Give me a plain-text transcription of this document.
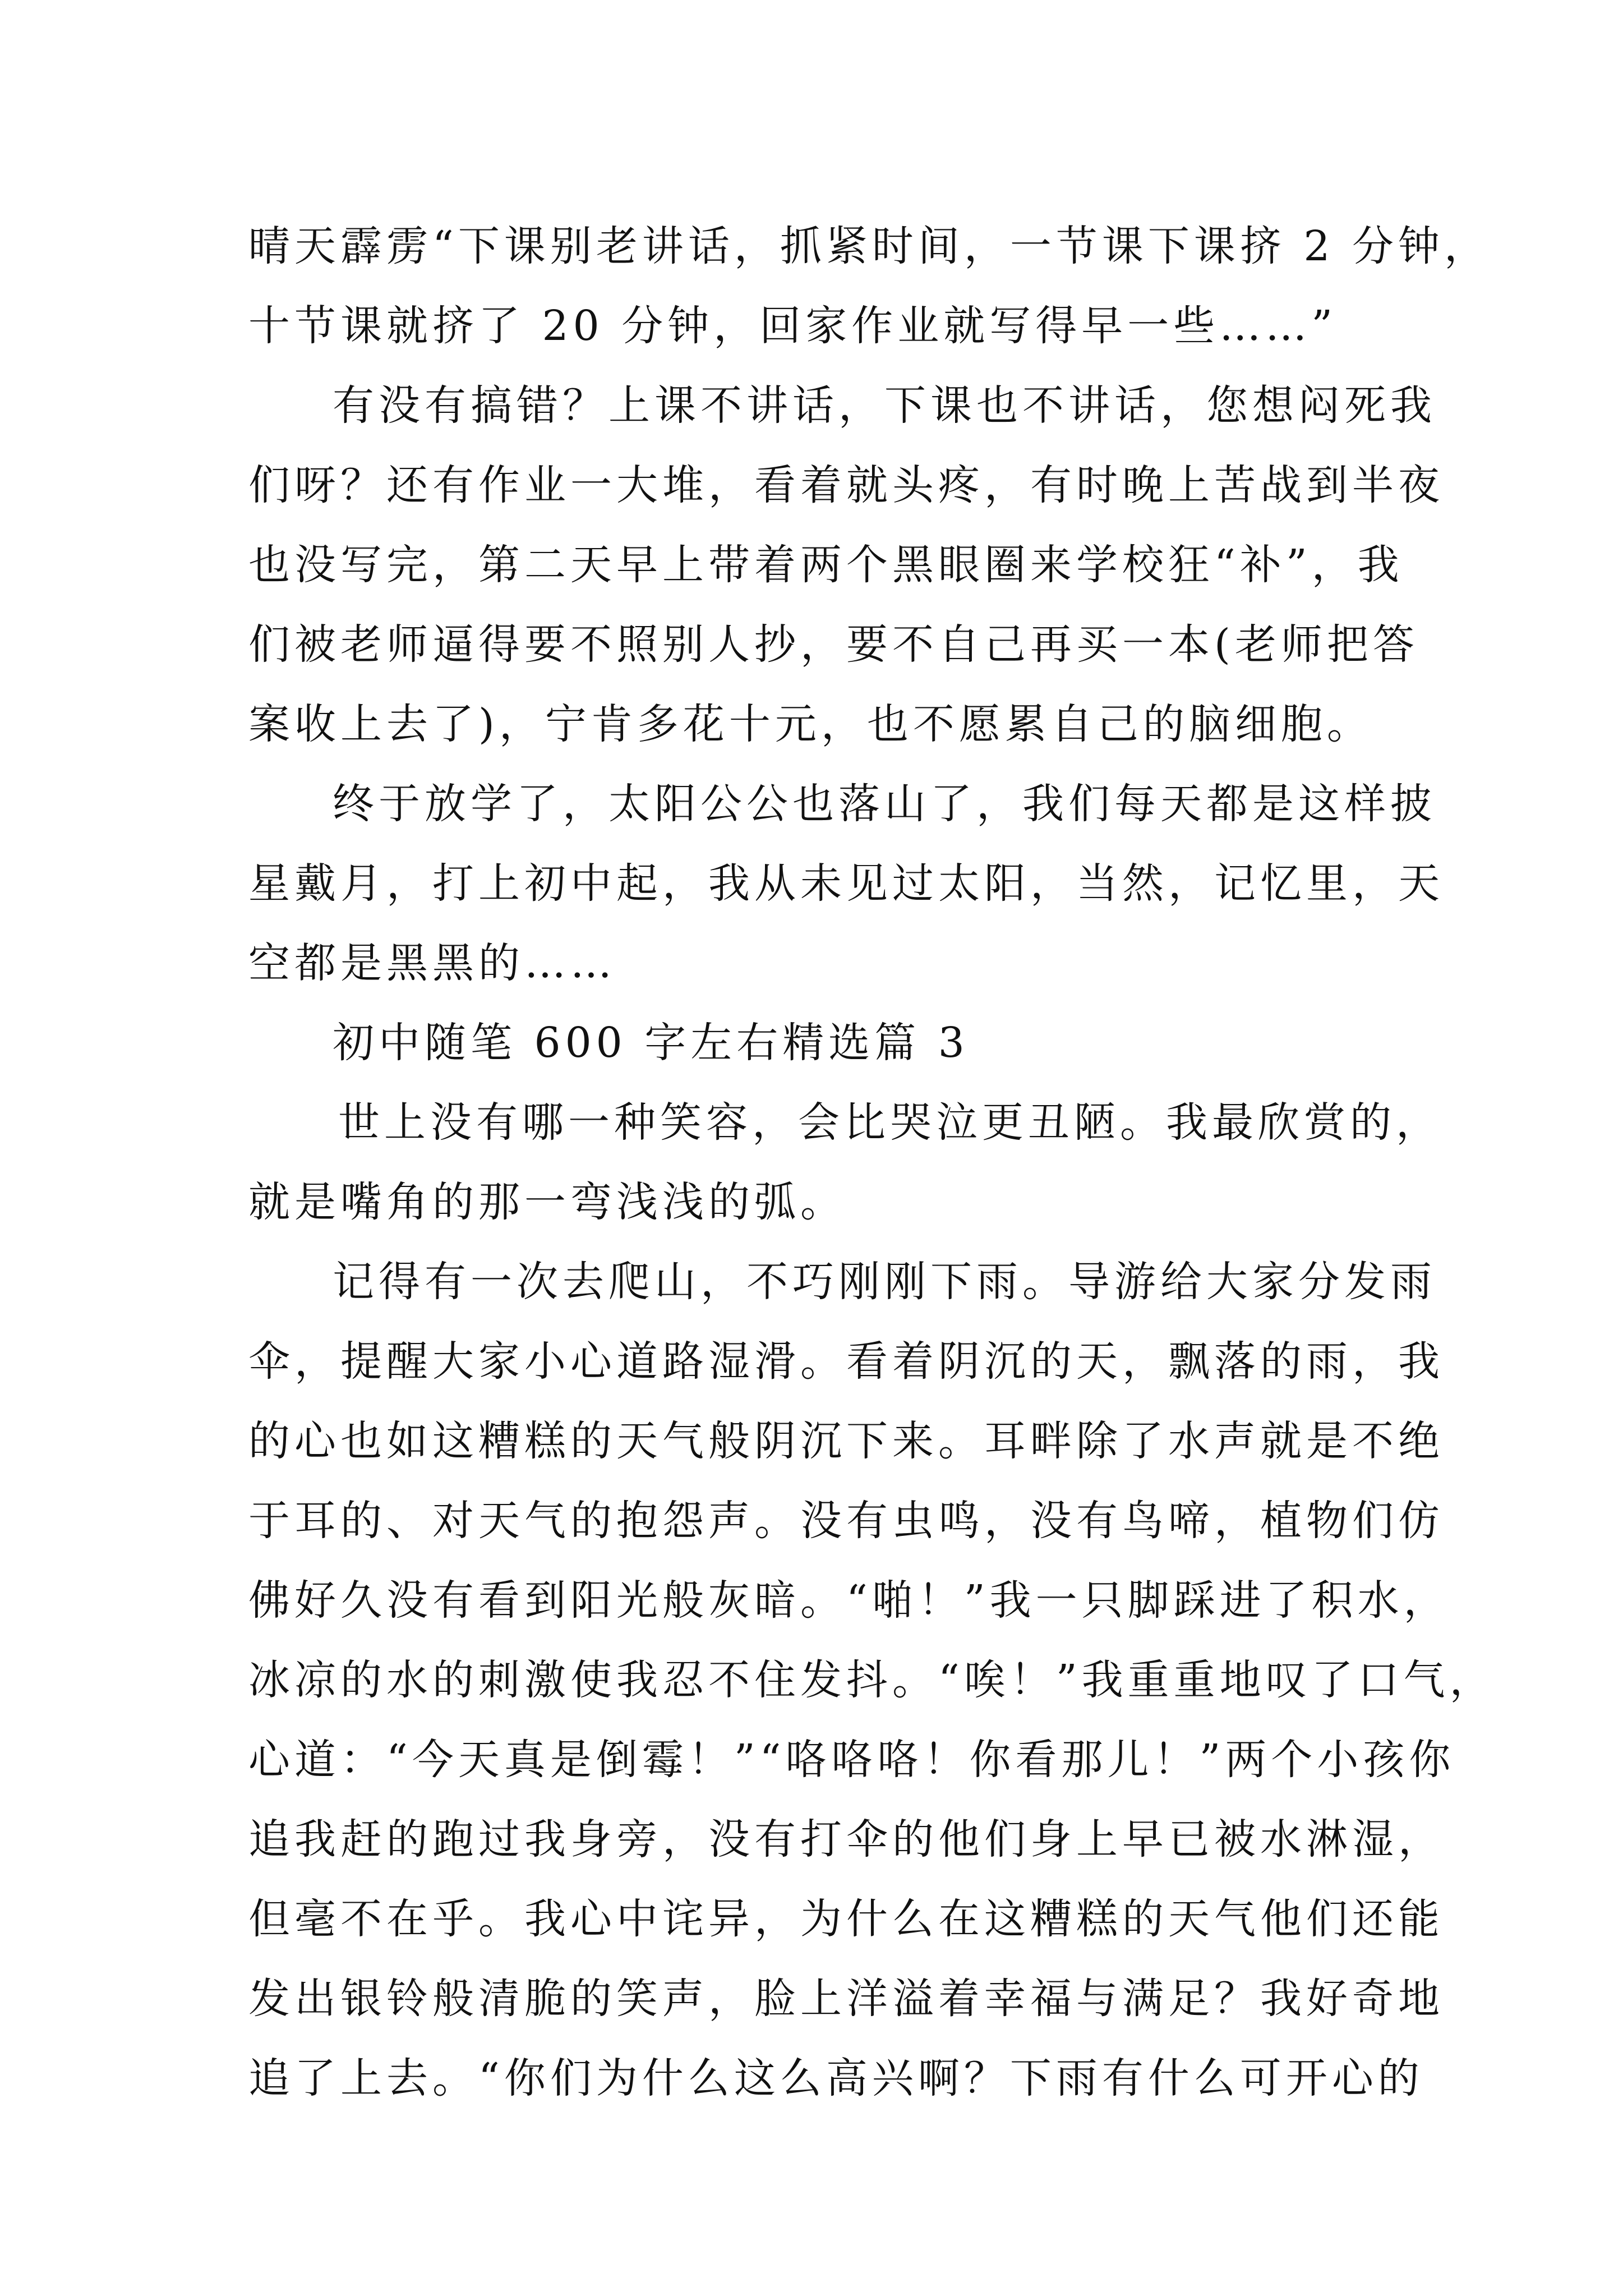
晴天霹雳“下课别老讲话，抓紧时间，一节课下课挤 2 分钟，
十节课就挤了 20 分钟，回家作业就写得早一些……”
有没有搞错？上课不讲话，下课也不讲话，您想闷死我
们呀？还有作业一大堆，看着就头疼，有时晚上苦战到半夜
也没写完，第二天早上带着两个黑眼圈来学校狂“补”，我
们被老师逼得要不照别人抄，要不自己再买一本(老师把答
案收上去了)，宁肯多花十元，也不愿累自己的脑细胞。
终于放学了，太阳公公也落山了，我们每天都是这样披
星戴月，打上初中起，我从未见过太阳，当然，记忆里，天
空都是黑黑的……
初中随笔 600 字左右精选篇 3
世上没有哪一种笑容，会比哭泣更丑陋。我最欣赏的，
就是嘴角的那一弯浅浅的弧。
记得有一次去爬山，不巧刚刚下雨。导游给大家分发雨
伞，提醒大家小心道路湿滑。看着阴沉的天，飘落的雨，我
的心也如这糟糕的天气般阴沉下来。耳畔除了水声就是不绝
于耳的、对天气的抱怨声。没有虫鸣，没有鸟啼，植物们仿
佛好久没有看到阳光般灰暗。“啪！”我一只脚踩进了积水，
冰凉的水的刺激使我忍不住发抖。“唉！”我重重地叹了口气，
心道：“今天真是倒霉！”“咯咯咯！你看那儿！”两个小孩你
追我赶的跑过我身旁，没有打伞的他们身上早已被水淋湿，
但毫不在乎。我心中诧异，为什么在这糟糕的天气他们还能
发出银铃般清脆的笑声，脸上洋溢着幸福与满足？我好奇地
追了上去。“你们为什么这么高兴啊？下雨有什么可开心的
